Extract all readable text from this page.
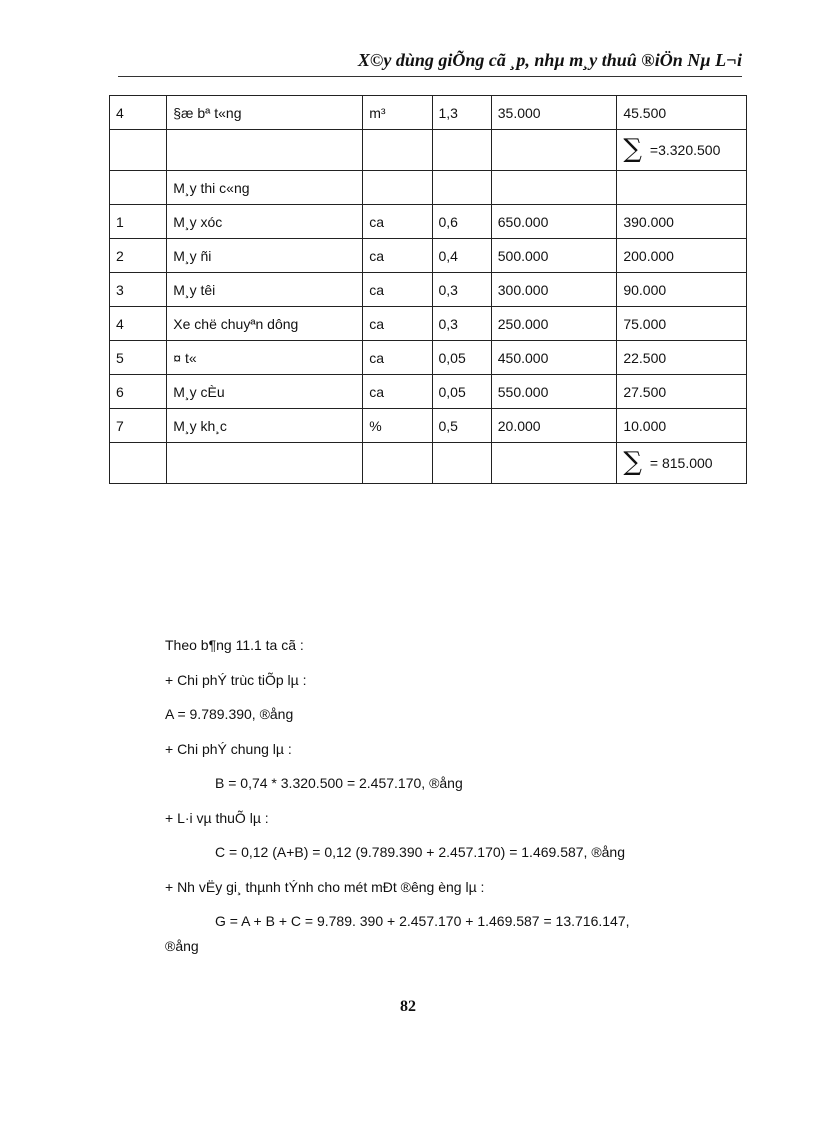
X©y dùng giÕng cã ¸p, nhµ m¸y thuû ®iÖn Nµ L¬i
4	§æ bª t«ng	m³	1,3	35.000	45.500
					∑ =3.320.500
	M¸y thi c«ng				
1	M¸y xóc	ca	0,6	650.000	390.000
2	M¸y ñi	ca	0,4	500.000	200.000
3	M¸y têi	ca	0,3	300.000	90.000
4	Xe chë chuyªn dông	ca	0,3	250.000	75.000
5	¤ t«	ca	0,05	450.000	22.500
6	M¸y cÈu	ca	0,05	550.000	27.500
7	M¸y kh¸c	%	0,5	20.000	10.000
					∑ = 815.000

Theo b¶ng 11.1 ta cã :

+ Chi phÝ trùc tiÕp lµ :

A = 9.789.390, ®ång

+ Chi phÝ chung lµ :

B = 0,74 * 3.320.500 = 2.457.170, ®ång

+ L·i vµ thuÕ lµ :

C = 0,12 (A+B) = 0,12 (9.789.390 + 2.457.170) = 1.469.587, ®ång

+ Nh vËy gi¸ thµnh tÝnh cho mét mÐt ®êng èng lµ :

G = A + B + C = 9.789. 390 + 2.457.170 + 1.469.587 = 13.716.147,

®ång

82
